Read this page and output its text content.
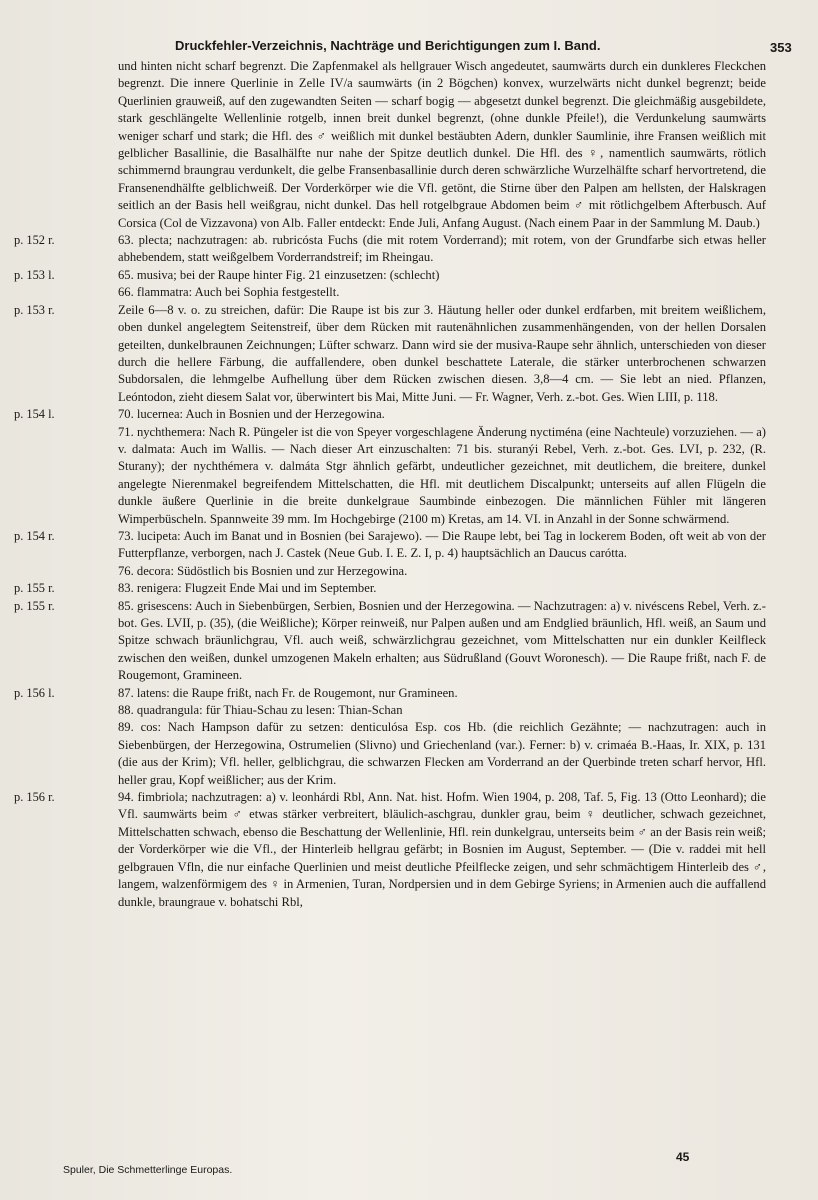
Druckfehler-Verzeichnis, Nachträge und Berichtigungen zum I. Band.	353
und hinten nicht scharf begrenzt. Die Zapfenmakel als hellgrauer Wisch angedeutet, saumwärts durch ein dunkleres Fleckchen begrenzt. Die innere Querlinie in Zelle IV/a saumwärts (in 2 Bögchen) konvex, wurzelwärts nicht dunkel begrenzt; beide Querlinien grauweiß, auf den zugewandten Seiten — scharf bogig — abgesetzt dunkel begrenzt. Die gleichmäßig ausgebildete, stark geschlängelte Wellenlinie rotgelb, innen breit dunkel begrenzt, (ohne dunkle Pfeile!), die Verdunkelung saumwärts weniger scharf und stark; die Hfl. des ♂ weißlich mit dunkel bestäubten Adern, dunkler Saumlinie, ihre Fransen weißlich mit gelblicher Basallinie, die Basalhälfte nur nahe der Spitze deutlich dunkel. Die Hfl. des ♀, namentlich saumwärts, rötlich schimmernd braungrau verdunkelt, die gelbe Fransenbasallinie durch deren schwärzliche Wurzelhälfte scharf hervortretend, die Fransenendhälfte gelblichweiß. Der Vorderkörper wie die Vfl. getönt, die Stirne über den Palpen am hellsten, der Halskragen seitlich an der Basis hell weißgrau, nicht dunkel. Das hell rotgelbgraue Abdomen beim ♂ mit rötlichgelbem Afterbusch. Auf Corsica (Col de Vizzavona) von Alb. Faller entdeckt: Ende Juli, Anfang August. (Nach einem Paar in der Sammlung M. Daub.)
p. 152 r.	63. plecta; nachzutragen: ab. rubricósta Fuchs (die mit rotem Vorderrand); mit rotem, von der Grundfarbe sich etwas heller abhebendem, statt weißgelbem Vorderrandstreif; im Rheingau.
p. 153 l.	65. musiva; bei der Raupe hinter Fig. 21 einzusetzen: (schlecht)
66. flammatra: Auch bei Sophia festgestellt.
p. 153 r.	Zeile 6—8 v. o. zu streichen, dafür: Die Raupe ist bis zur 3. Häutung heller oder dunkel erdfarben, mit breitem weißlichem, oben dunkel angelegtem Seitenstreif, über dem Rücken mit rautenähnlichen zusammenhängenden, von der hellen Dorsalen geteilten, dunkelbraunen Zeichnungen; Lüfter schwarz. Dann wird sie der musiva-Raupe sehr ähnlich, unterschieden von dieser durch die hellere Färbung, die auffallendere, oben dunkel beschattete Laterale, die stärker unterbrochenen schwarzen Subdorsalen, die lehmgelbe Aufhellung über dem Rücken zwischen diesen. 3,8—4 cm. — Sie lebt an nied. Pflanzen, Leóntodon, zieht diesem Salat vor, überwintert bis Mai, Mitte Juni. — Fr. Wagner, Verh. z.-bot. Ges. Wien LIII, p. 118.
p. 154 l.	70. lucernea: Auch in Bosnien und der Herzegowina.
71. nychthemera: Nach R. Püngeler ist die von Speyer vorgeschlagene Änderung nyctiména (eine Nachteule) vorzuziehen. — a) v. dalmata: Auch im Wallis. — Nach dieser Art einzuschalten: 71 bis. sturanýi Rebel, Verh. z.-bot. Ges. LVI, p. 232, (R. Sturany); der nychthémera v. dalmáta Stgr ähnlich gefärbt, undeutlicher gezeichnet, mit deutlichem, die breitere, dunkel angelegte Nierenmakel begreifendem Mittelschatten, die Hfl. mit deutlichem Discalpunkt; unterseits auf allen Flügeln die dunkle äußere Querlinie in die breite dunkelgraue Saumbinde einbezogen. Die männlichen Fühler mit längeren Wimperbüscheln. Spannweite 39 mm. Im Hochgebirge (2100 m) Kretas, am 14. VI. in Anzahl in der Sonne schwärmend.
p. 154 r.	73. lucipeta: Auch im Banat und in Bosnien (bei Sarajewo). — Die Raupe lebt, bei Tag in lockerem Boden, oft weit ab von der Futterpflanze, verborgen, nach J. Castek (Neue Gub. I. E. Z. I, p. 4) hauptsächlich an Daucus carótta.
76. decora: Südöstlich bis Bosnien und zur Herzegowina.
p. 155 r.	83. renigera: Flugzeit Ende Mai und im September.
p. 155 r.	85. grisescens: Auch in Siebenbürgen, Serbien, Bosnien und der Herzegowina. — Nachzutragen: a) v. nivéscens Rebel, Verh. z.-bot. Ges. LVII, p. (35), (die Weißliche); Körper reinweiß, nur Palpen außen und am Endglied bräunlich, Hfl. weiß, an Saum und Spitze schwach bräunlichgrau, Vfl. auch weiß, schwärzlichgrau gezeichnet, vom Mittelschatten nur ein dunkler Keilfleck zwischen den weißen, dunkel umzogenen Makeln erhalten; aus Südrußland (Gouvt Woronesch). — Die Raupe frißt, nach F. de Rougemont, Gramineen.
p. 156 l.	87. latens: die Raupe frißt, nach Fr. de Rougemont, nur Gramineen.
88. quadrangula: für Thiau-Schau zu lesen: Thian-Schan
89. cos: Nach Hampson dafür zu setzen: denticulósa Esp. cos Hb. (die reichlich Gezähnte; — nachzutragen: auch in Siebenbürgen, der Herzegowina, Ostrumelien (Slivno) und Griechenland (var.). Ferner: b) v. crimaéa B.-Haas, Ir. XIX, p. 131 (die aus der Krim); Vfl. heller, gelblichgrau, die schwarzen Flecken am Vorderrand an der Querbinde treten scharf hervor, Hfl. heller grau, Kopf weißlicher; aus der Krim.
p. 156 r.	94. fimbriola; nachzutragen: a) v. leonhárdi Rbl, Ann. Nat. hist. Hofm. Wien 1904, p. 208, Taf. 5, Fig. 13 (Otto Leonhard); die Vfl. saumwärts beim ♂ etwas stärker verbreitert, bläulich-aschgrau, dunkler grau, beim ♀ deutlicher, schwach gezeichnet, Mittelschatten schwach, ebenso die Beschattung der Wellenlinie, Hfl. rein dunkelgrau, unterseits beim ♂ an der Basis rein weiß; der Vorderkörper wie die Vfl., der Hinterleib hellgrau gefärbt; in Bosnien im August, September. — (Die v. raddei mit hell gelbgrauen Vfln, die nur einfache Querlinien und meist deutliche Pfeilflecke zeigen, und sehr schmächtigem Hinterleib des ♂, langem, walzenförmigem des ♀ in Armenien, Turan, Nordpersien und in dem Gebirge Syriens; in Armenien auch die auffallend dunkle, braungraue v. bohatschi Rbl,
Spuler, Die Schmetterlinge Europas.
45
